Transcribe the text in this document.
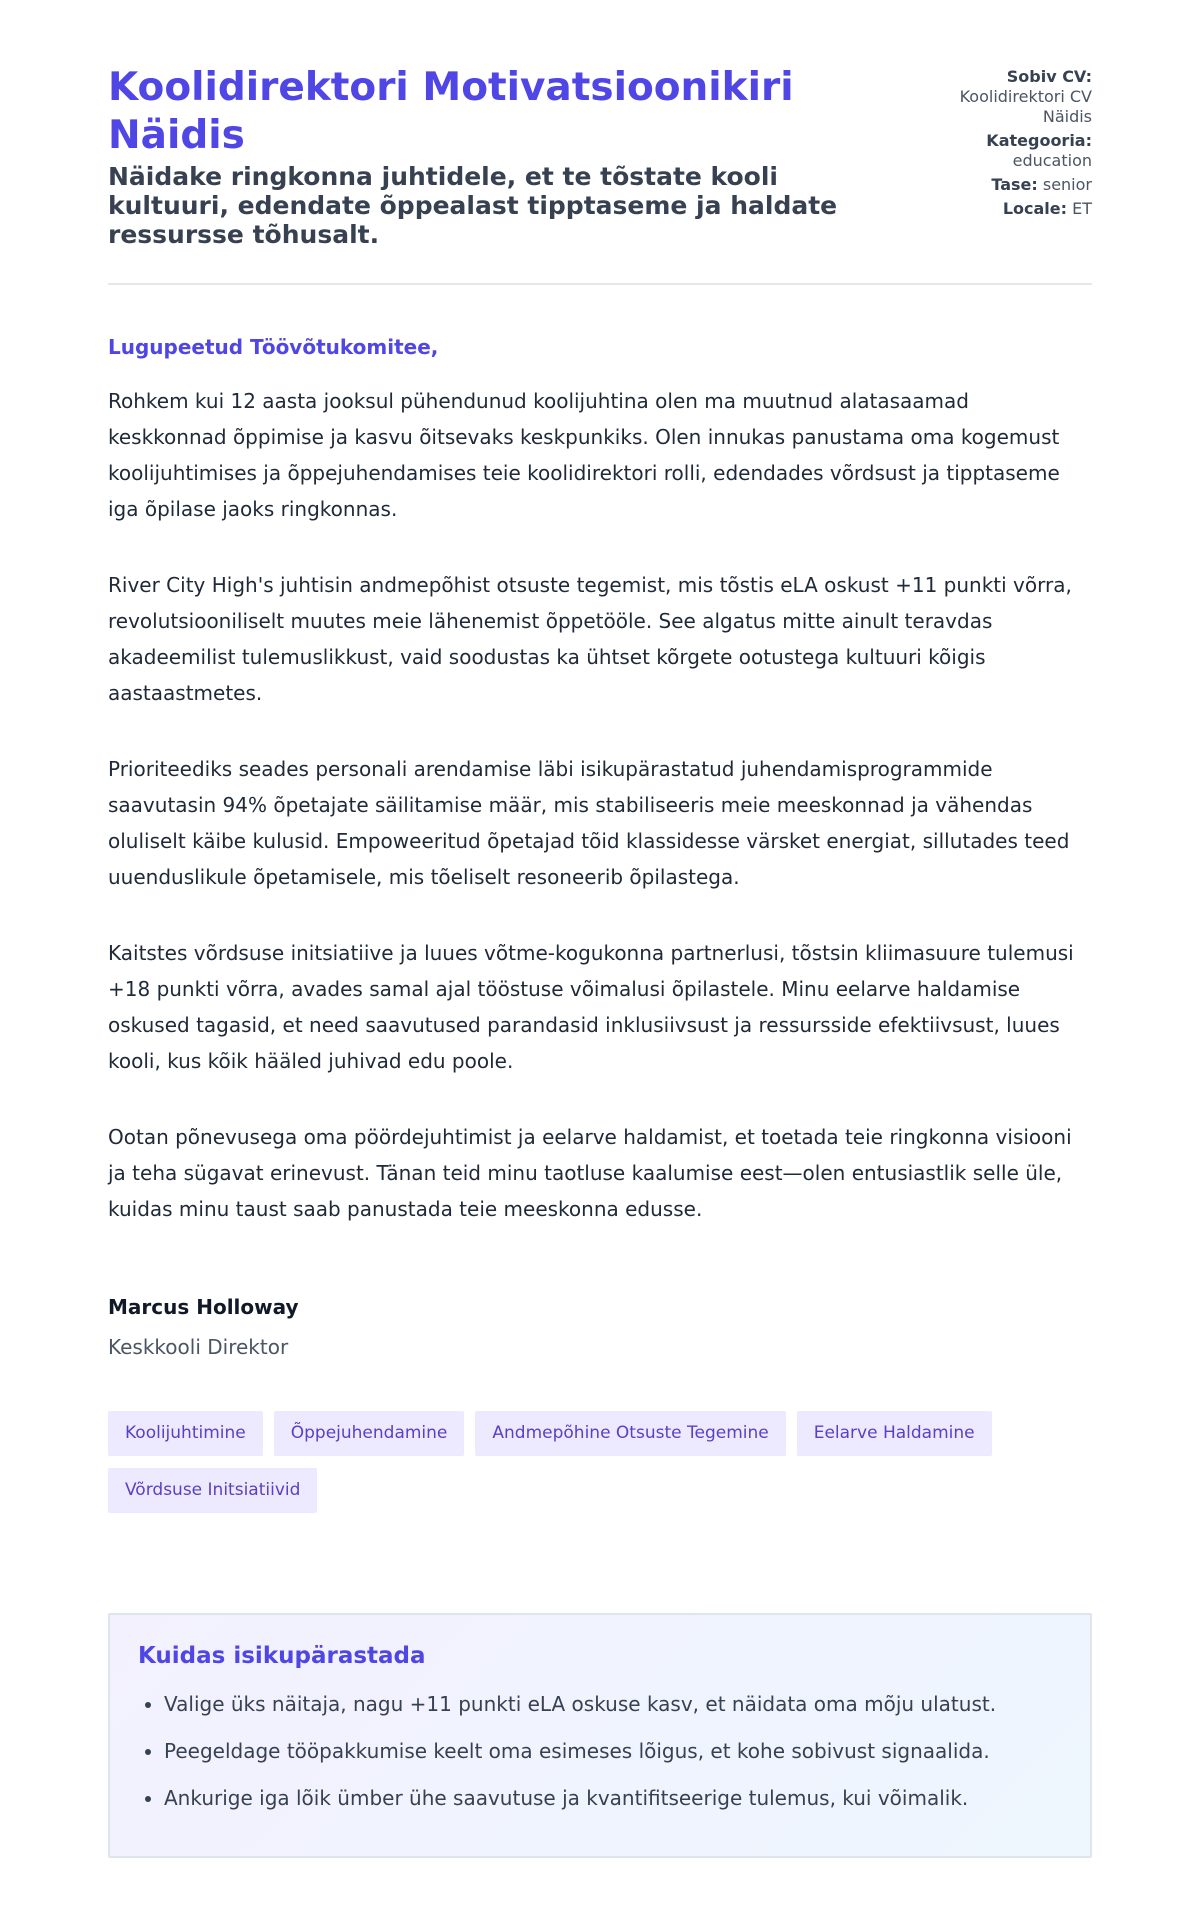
Koolidirektori Motivatsioonikiri Näidis

Näidake ringkonna juhtidele, et te tõstate kooli kultuuri, edendate õppealast tipptaseme ja haldate ressursse tõhusalt.

Sobiv CV: Koolidirektori CV Näidis
Kategooria: education
Tase: senior
Locale: ET
Lugupeetud Töövõtukomitee,

Rohkem kui 12 aasta jooksul pühendunud koolijuhtina olen ma muutnud alatasaamad keskkonnad õppimise ja kasvu õitsevaks keskpunkiks. Olen innukas panustama oma kogemust koolijuhtimises ja õppejuhendamises teie koolidirektori rolli, edendades võrdsust ja tipptaseme iga õpilase jaoks ringkonnas.

River City High's juhtisin andmepõhist otsuste tegemist, mis tõstis eLA oskust +11 punkti võrra, revolutsiooniliselt muutes meie lähenemist õppetööle. See algatus mitte ainult teravdas akadeemilist tulemuslikkust, vaid soodustas ka ühtset kõrgete ootustega kultuuri kõigis aastaastmetes.

Prioriteediks seades personali arendamise läbi isikupärastatud juhendamisprogrammide saavutasin 94% õpetajate säilitamise määr, mis stabiliseeris meie meeskonnad ja vähendas oluliselt käibe kulusid. Empoweeritud õpetajad tõid klassidesse värsket energiat, sillutades teed uuenduslikule õpetamisele, mis tõeliselt resoneerib õpilastega.

Kaitstes võrdsuse initsiatiive ja luues võtme-kogukonna partnerlusi, tõstsin kliimasuure tulemusi +18 punkti võrra, avades samal ajal tööstuse võimalusi õpilastele. Minu eelarve haldamise oskused tagasid, et need saavutused parandasid inklusiivsust ja ressursside efektiivsust, luues kooli, kus kõik hääled juhivad edu poole.

Ootan põnevusega oma pöördejuhtimist ja eelarve haldamist, et toetada teie ringkonna visiooni ja teha sügavat erinevust. Tänan teid minu taotluse kaalumise eest—olen entusiastlik selle üle, kuidas minu taust saab panustada teie meeskonna edusse.

Marcus Holloway
Keskkooli Direktor
Koolijuhtimine	Õppejuhendamine	Andmepõhine Otsuste Tegemine	Eelarve Haldamine
Võrdsuse Initsiatiivid
Kuidas isikupärastada
• Valige üks näitaja, nagu +11 punkti eLA oskuse kasv, et näidata oma mõju ulatust.
• Peegeldage tööpakkumise keelt oma esimeses lõigus, et kohe sobivust signaalida.
• Ankurige iga lõik ümber ühe saavutuse ja kvantifitseerige tulemus, kui võimalik.
